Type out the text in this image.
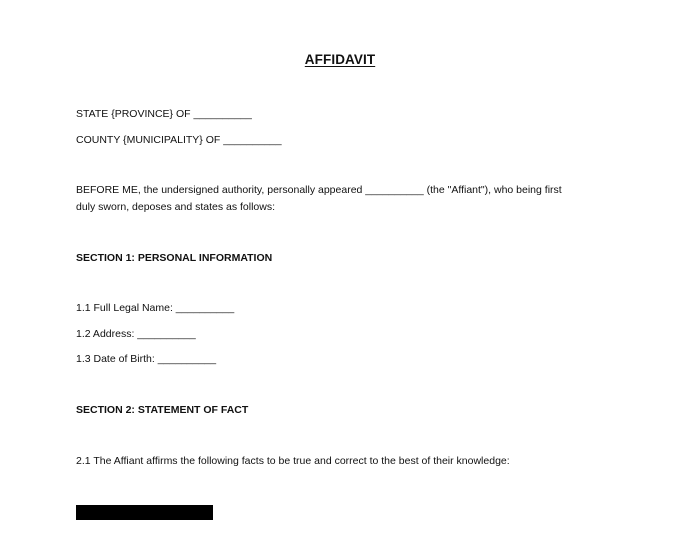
AFFIDAVIT
STATE {PROVINCE} OF __________
COUNTY {MUNICIPALITY} OF __________
BEFORE ME, the undersigned authority, personally appeared __________ (the "Affiant"), who being first
duly sworn, deposes and states as follows:
SECTION 1: PERSONAL INFORMATION
1.1 Full Legal Name: __________
1.2 Address: __________
1.3 Date of Birth: __________
SECTION 2: STATEMENT OF FACT
2.1 The Affiant affirms the following facts to be true and correct to the best of their knowledge:
